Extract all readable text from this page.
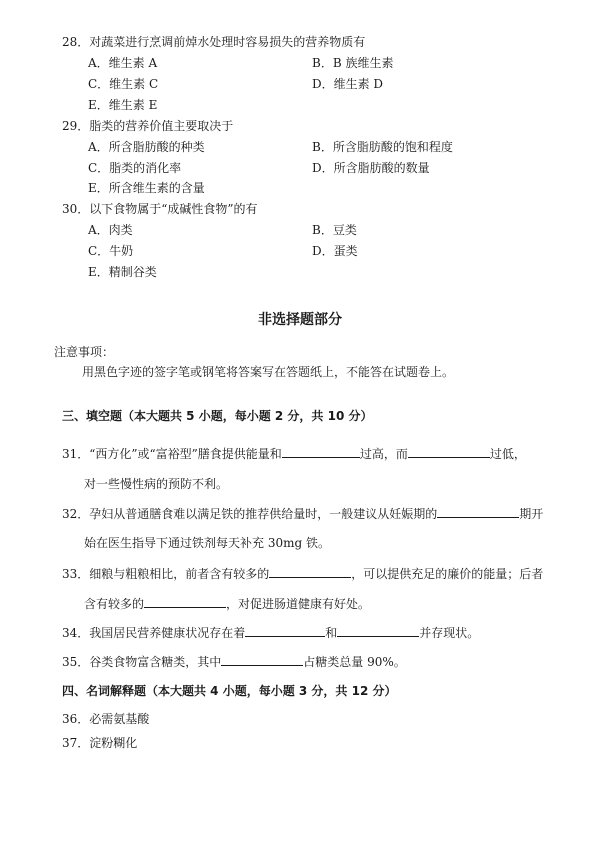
28．对蔬菜进行烹调前焯水处理时容易损失的营养物质有
A．维生素 A	B．B 族维生素
C．维生素 C	D．维生素 D
E．维生素 E
29．脂类的营养价值主要取决于
A．所含脂肪酸的种类	B．所含脂肪酸的饱和程度
C．脂类的消化率	D．所含脂肪酸的数量
E．所含维生素的含量
30．以下食物属于“成碱性食物”的有
A．肉类	B．豆类
C．牛奶	D．蛋类
E．精制谷类
非选择题部分
注意事项：
用黑色字迹的签字笔或钢笔将答案写在答题纸上，不能答在试题卷上。
三、填空题（本大题共 5 小题，每小题 2 分，共 10 分）
31．“西方化”或“富裕型”膳食提供能量和	过高，而	过低，
对一些慢性病的预防不利。
32．孕妇从普通膳食难以满足铁的推荐供给量时，一般建议从妊娠期的	期开
始在医生指导下通过铁剂每天补充 30mg 铁。
33．细粮与粗粮相比，前者含有较多的	，可以提供充足的廉价的能量；后者
含有较多的	，对促进肠道健康有好处。
34．我国居民营养健康状况存在着	和	并存现状。
35．谷类食物富含糖类，其中	占糖类总量 90%。
四、名词解释题（本大题共 4 小题，每小题 3 分，共 12 分）
36．必需氨基酸
37．淀粉糊化
